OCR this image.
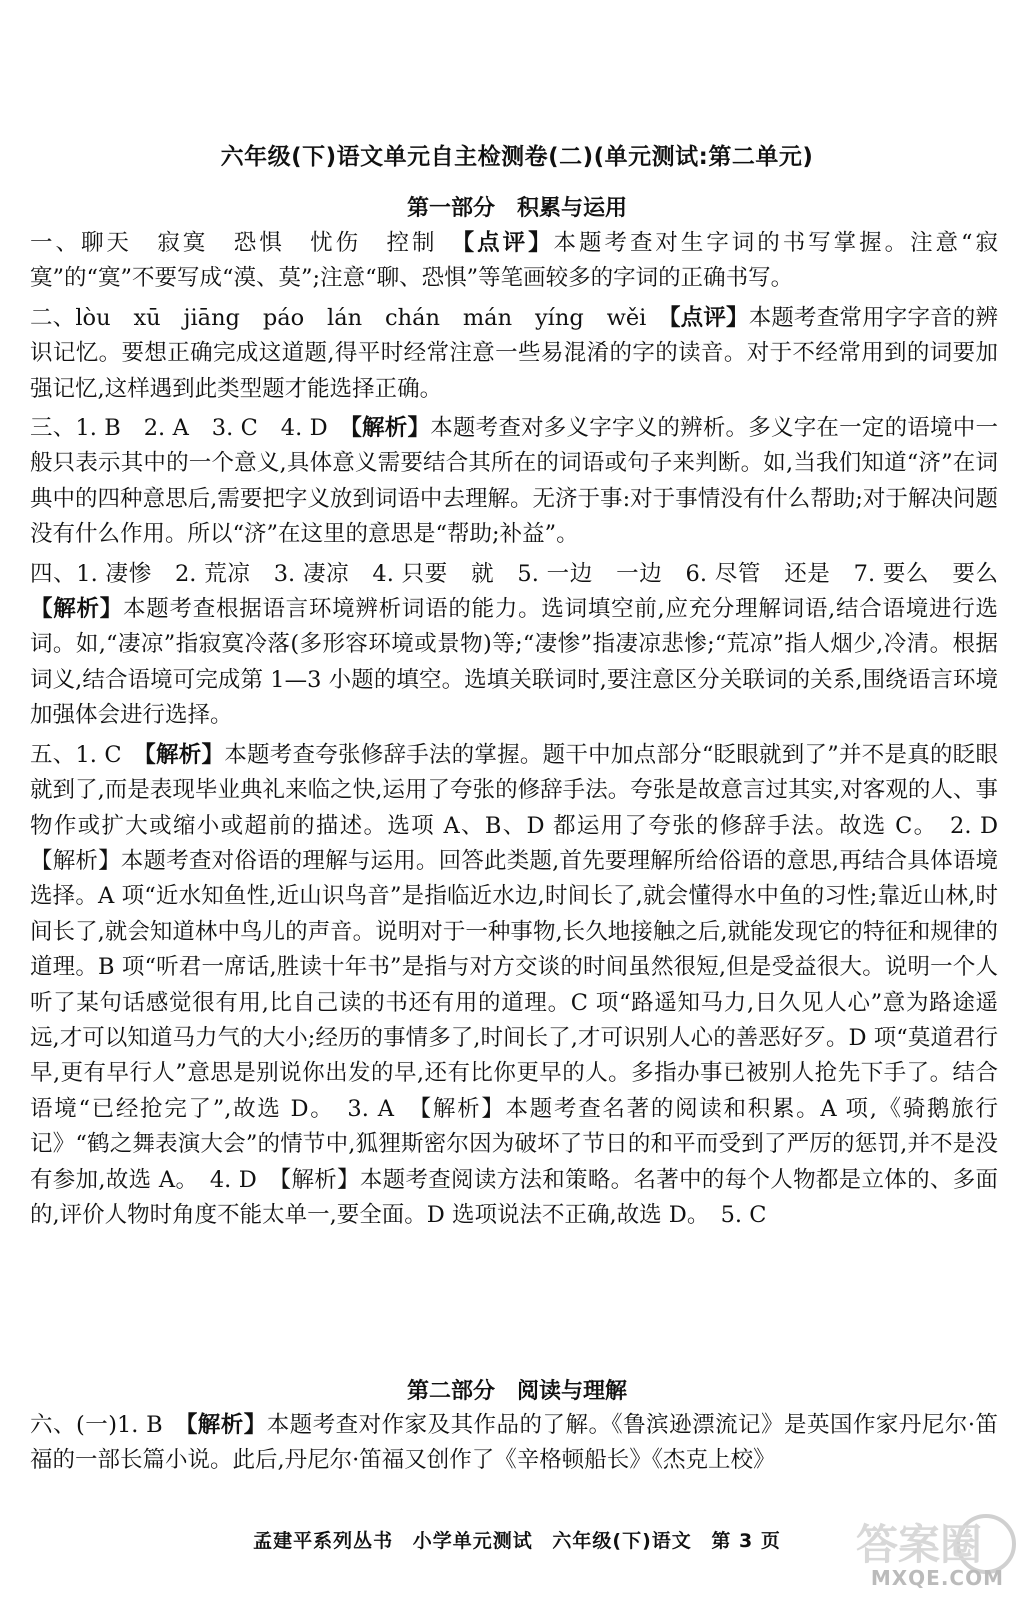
六年级(下)语文单元自主检测卷(二)(单元测试:第二单元)
第一部分　积累与运用

一、聊天　寂寞　恐惧　忧伤　控制　【点评】本题考查对生字词的书写掌握。注意“寂寞”的“寞”不要写成“漠、莫”;注意“聊、恐惧”等笔画较多的字词的正确书写。

二、lòu　xū　jiāng　páo　lán　chán　mán　yíng　wěi　【点评】本题考查常用字字音的辨识记忆。要想正确完成这道题,得平时经常注意一些易混淆的字的读音。对于不经常用到的词要加强记忆,这样遇到此类型题才能选择正确。

三、1. B　2. A　3. C　4. D　【解析】本题考查对多义字字义的辨析。多义字在一定的语境中一般只表示其中的一个意义,具体意义需要结合其所在的词语或句子来判断。如,当我们知道“济”在词典中的四种意思后,需要把字义放到词语中去理解。无济于事:对于事情没有什么帮助;对于解决问题没有什么作用。所以“济”在这里的意思是“帮助;补益”。

四、1. 凄惨　2. 荒凉　3. 凄凉　4. 只要　就　5. 一边　一边　6. 尽管　还是　7. 要么　要么　【解析】本题考查根据语言环境辨析词语的能力。选词填空前,应充分理解词语,结合语境进行选词。如,“凄凉”指寂寞冷落(多形容环境或景物)等;“凄惨”指凄凉悲惨;“荒凉”指人烟少,冷清。根据词义,结合语境可完成第 1—3 小题的填空。选填关联词时,要注意区分关联词的关系,围绕语言环境加强体会进行选择。

五、1. C　【解析】本题考查夸张修辞手法的掌握。题干中加点部分“眨眼就到了”并不是真的眨眼就到了,而是表现毕业典礼来临之快,运用了夸张的修辞手法。夸张是故意言过其实,对客观的人、事物作或扩大或缩小或超前的描述。选项 A、B、D 都运用了夸张的修辞手法。故选 C。　2. D　【解析】本题考查对俗语的理解与运用。回答此类题,首先要理解所给俗语的意思,再结合具体语境选择。A 项“近水知鱼性,近山识鸟音”是指临近水边,时间长了,就会懂得水中鱼的习性;靠近山林,时间长了,就会知道林中鸟儿的声音。说明对于一种事物,长久地接触之后,就能发现它的特征和规律的道理。B 项“听君一席话,胜读十年书”是指与对方交谈的时间虽然很短,但是受益很大。说明一个人听了某句话感觉很有用,比自己读的书还有用的道理。C 项“路遥知马力,日久见人心”意为路途遥远,才可以知道马力气的大小;经历的事情多了,时间长了,才可识别人心的善恶好歹。D 项“莫道君行早,更有早行人”意思是别说你出发的早,还有比你更早的人。多指办事已被别人抢先下手了。结合语境“已经抢完了”,故选 D。　3. A　【解析】本题考查名著的阅读和积累。A 项,《骑鹅旅行记》“鹤之舞表演大会”的情节中,狐狸斯密尔因为破坏了节日的和平而受到了严厉的惩罚,并不是没有参加,故选 A。　4. D　【解析】本题考查阅读方法和策略。名著中的每个人物都是立体的、多面的,评价人物时角度不能太单一,要全面。D 选项说法不正确,故选 D。　5. C

第二部分　阅读与理解

六、(一)1. B　【解析】本题考查对作家及其作品的了解。《鲁滨逊漂流记》是英国作家丹尼尔·笛福的一部长篇小说。此后,丹尼尔·笛福又创作了《辛格顿船长》《杰克上校》

孟建平系列丛书 小学单元测试 六年级(下)语文 第 3 页	答案圈
MXQE.COM
